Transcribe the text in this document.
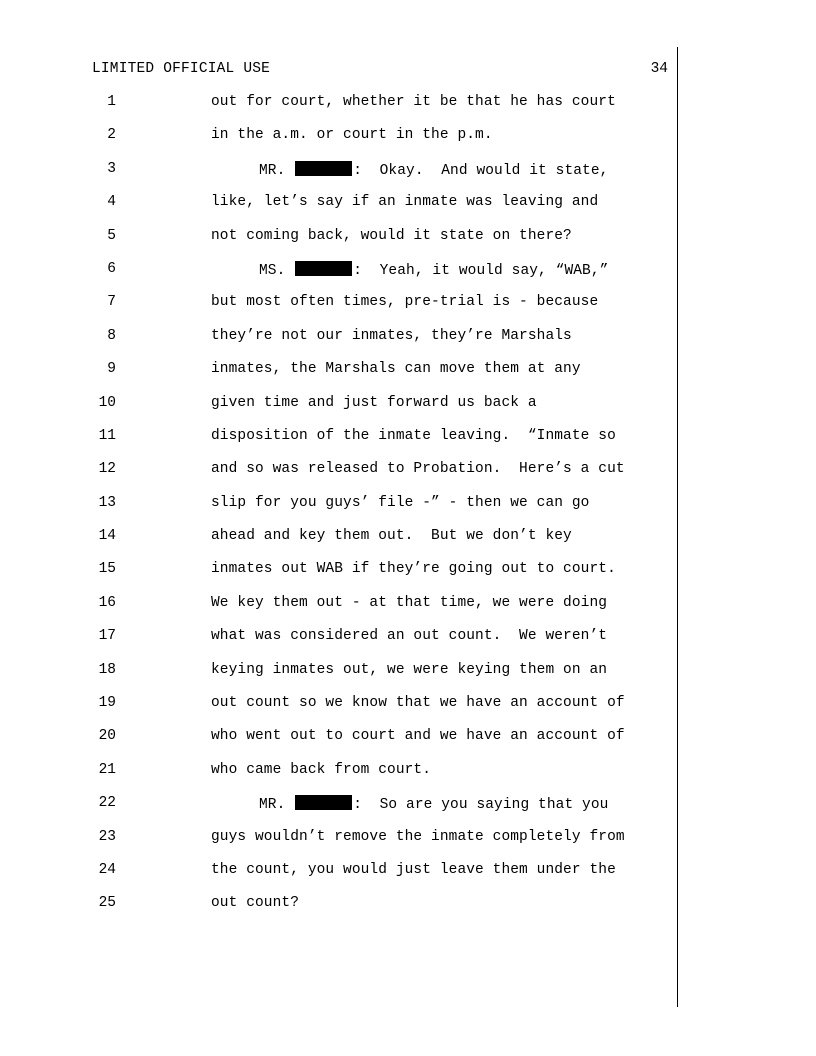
LIMITED OFFICIAL USE	34
1	out for court, whether it be that he has court
2	in the a.m. or court in the p.m.
3	MR.	:  Okay.  And would it state,
4	like, let’s say if an inmate was leaving and
5	not coming back, would it state on there?
6	MS.	:  Yeah, it would say, “WAB,”
7	but most often times, pre-trial is - because
8	they’re not our inmates, they’re Marshals
9	inmates, the Marshals can move them at any
10	given time and just forward us back a
11	disposition of the inmate leaving.  “Inmate so
12	and so was released to Probation.  Here’s a cut
13	slip for you guys’ file -” - then we can go
14	ahead and key them out.  But we don’t key
15	inmates out WAB if they’re going out to court.
16	We key them out - at that time, we were doing
17	what was considered an out count.  We weren’t
18	keying inmates out, we were keying them on an
19	out count so we know that we have an account of
20	who went out to court and we have an account of
21	who came back from court.
22	MR.	:  So are you saying that you
23	guys wouldn’t remove the inmate completely from
24	the count, you would just leave them under the
25	out count?
